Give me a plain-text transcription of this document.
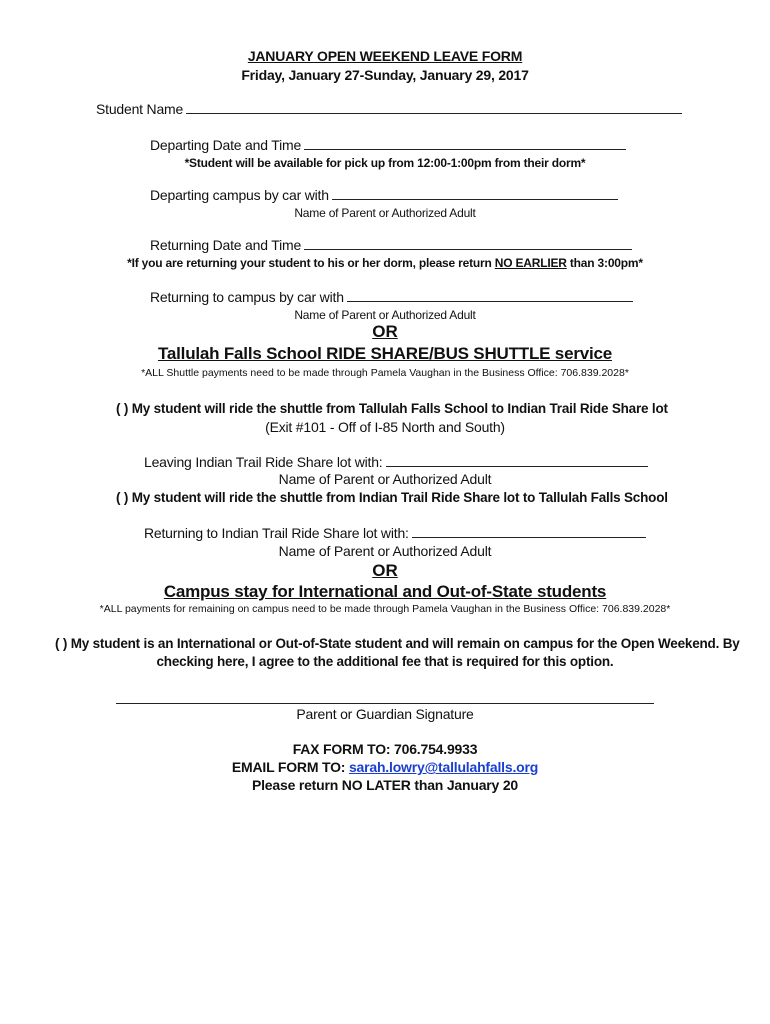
JANUARY OPEN WEEKEND LEAVE FORM
Friday, January 27-Sunday, January 29, 2017
Student Name
Departing Date and Time
*Student will be available for pick up from 12:00-1:00pm from their dorm*
Departing campus by car with
Name of Parent or Authorized Adult
Returning Date and Time
*If you are returning your student to his or her dorm, please return NO EARLIER than 3:00pm*
Returning to campus by car with
Name of Parent or Authorized Adult
OR
Tallulah Falls School RIDE SHARE/BUS SHUTTLE service
*ALL Shuttle payments need to be made through Pamela Vaughan in the Business Office: 706.839.2028*
( ) My student will ride the shuttle from Tallulah Falls School to Indian Trail Ride Share lot
(Exit #101 - Off of I-85 North and South)
Leaving Indian Trail Ride Share lot with:
Name of Parent or Authorized Adult
( ) My student will ride the shuttle from Indian Trail Ride Share lot to Tallulah Falls School
Returning to Indian Trail Ride Share lot with:
Name of Parent or Authorized Adult
OR
Campus stay for International and Out-of-State students
*ALL payments for remaining on campus need to be made through Pamela Vaughan in the Business Office: 706.839.2028*
( ) My student is an International or Out-of-State student and will remain on campus for the Open Weekend. By
checking here, I agree to the additional fee that is required for this option.
Parent or Guardian Signature
FAX FORM TO: 706.754.9933
EMAIL FORM TO: sarah.lowry@tallulahfalls.org
Please return NO LATER than January 20
